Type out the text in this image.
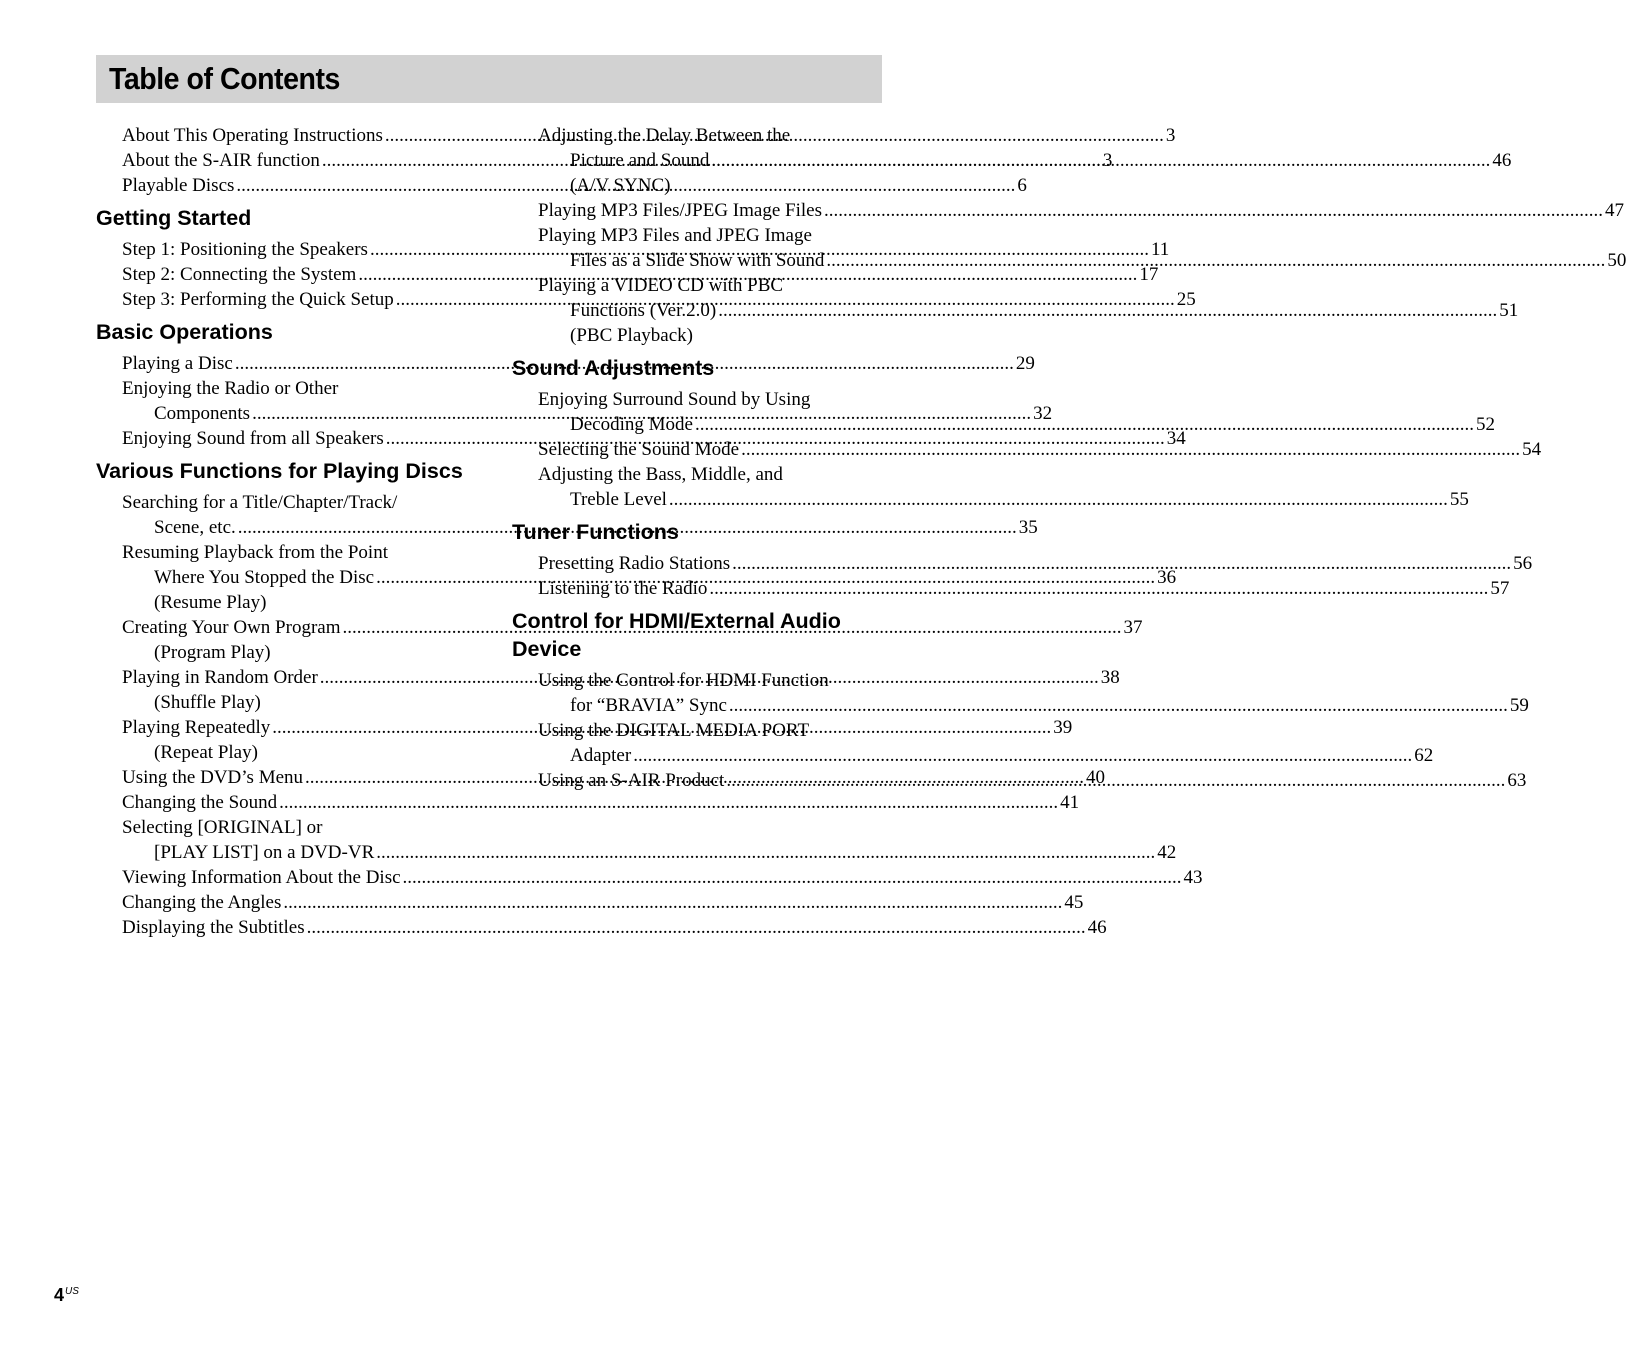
Table of Contents
About This Operating Instructions .....	3
About the S-AIR function .....	3
Playable Discs .....	6
Getting Started
Step 1: Positioning the Speakers .....	11
Step 2: Connecting the System .....	17
Step 3: Performing the Quick Setup .....	25
Basic Operations
Playing a Disc .....	29
Enjoying the Radio or Other
Components .....	32
Enjoying Sound from all Speakers .....	34
Various Functions for Playing Discs
Searching for a Title/Chapter/Track/
Scene, etc. .....	35
Resuming Playback from the Point
Where You Stopped the Disc .....	36
(Resume Play)
Creating Your Own Program .....	37
(Program Play)
Playing in Random Order .....	38
(Shuffle Play)
Playing Repeatedly .....	39
(Repeat Play)
Using the DVD’s Menu .....	40
Changing the Sound .....	41
Selecting [ORIGINAL] or
[PLAY LIST] on a DVD-VR .....	42
Viewing Information About the Disc .....	43
Changing the Angles .....	45
Displaying the Subtitles .....	46
Adjusting the Delay Between the
Picture and Sound .....	46
(A/V SYNC)
Playing MP3 Files/JPEG Image Files .....	47
Playing MP3 Files and JPEG Image
Files as a Slide Show with Sound .....	50
Playing a VIDEO CD with PBC
Functions (Ver.2.0) .....	51
(PBC Playback)
Sound Adjustments
Enjoying Surround Sound by Using
Decoding Mode .....	52
Selecting the Sound Mode .....	54
Adjusting the Bass, Middle, and
Treble Level .....	55
Tuner Functions
Presetting Radio Stations .....	56
Listening to the Radio .....	57
Control for HDMI/External Audio Device
Using the Control for HDMI Function
for “BRAVIA” Sync .....	59
Using the DIGITAL MEDIA PORT
Adapter .....	62
Using an S-AIR Product .....	63
$4^{US}$
